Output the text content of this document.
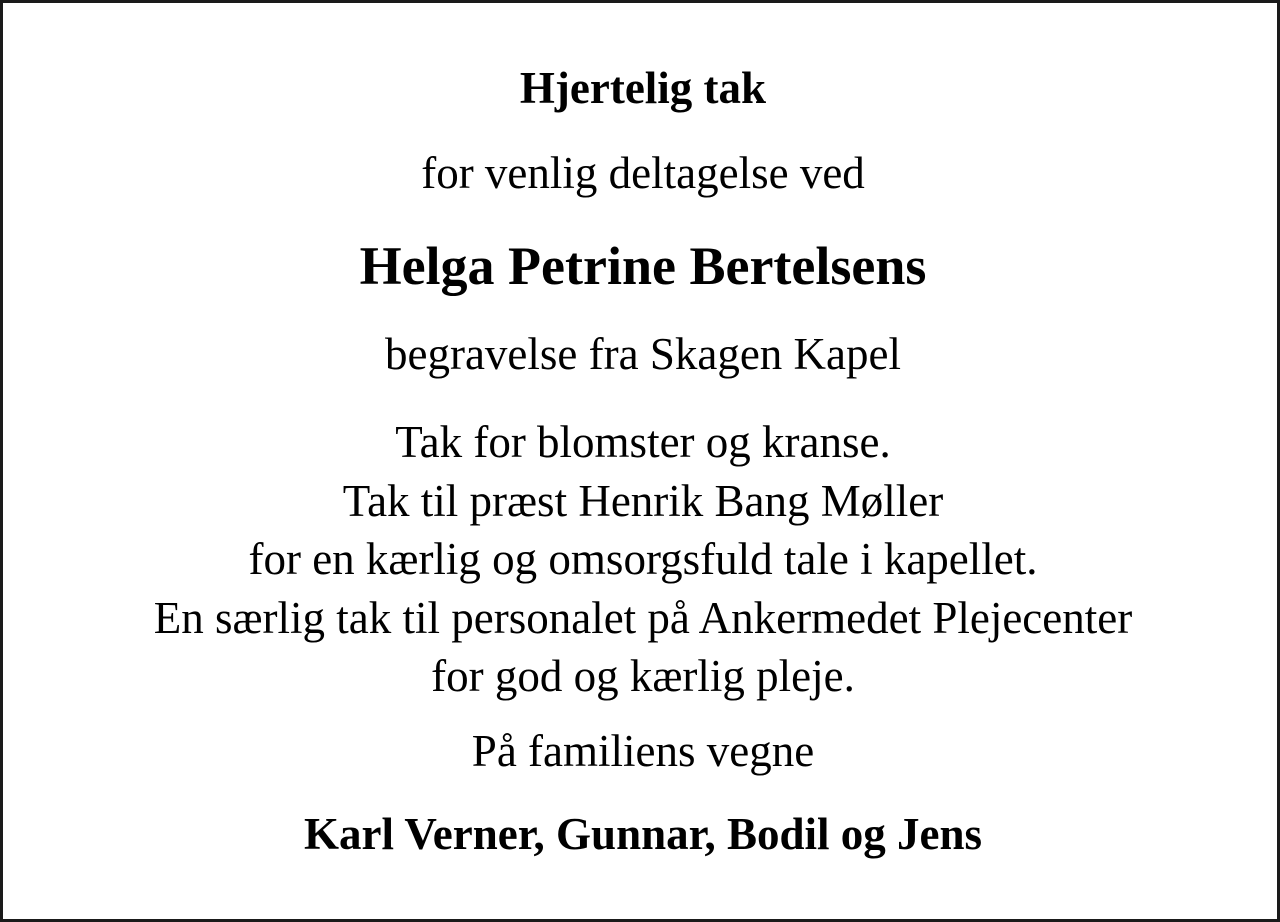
Hjertelig tak
for venlig deltagelse ved
Helga Petrine Bertelsens
begravelse fra Skagen Kapel
Tak for blomster og kranse.
Tak til præst Henrik Bang Møller
for en kærlig og omsorgsfuld tale i kapellet.
En særlig tak til personalet på Ankermedet Plejecenter
for god og kærlig pleje.
På familiens vegne
Karl Verner, Gunnar, Bodil og Jens
